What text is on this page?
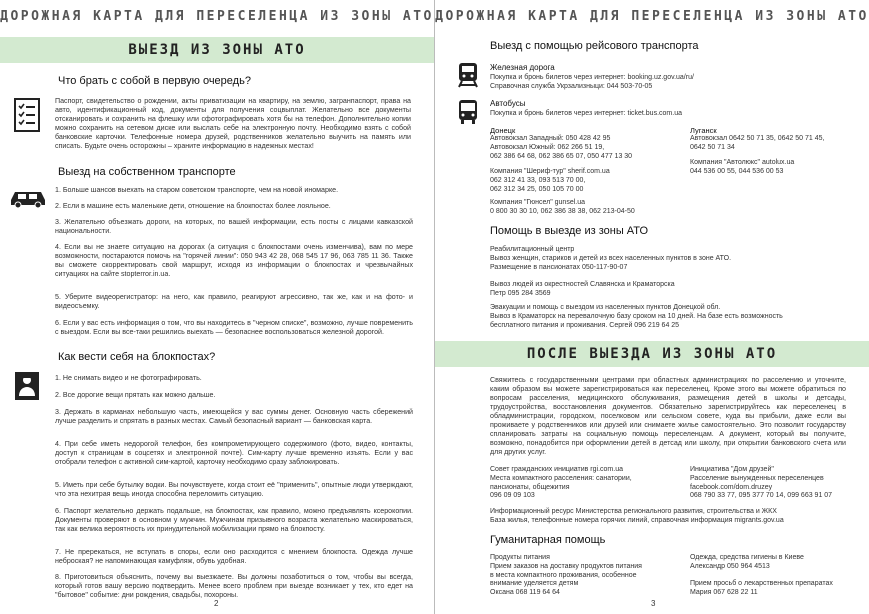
ДОРОЖНАЯ КАРТА ДЛЯ ПЕРЕСЕЛЕНЦА ИЗ ЗОНЫ АТО
ВЫЕЗД ИЗ ЗОНЫ АТО
Что брать с собой в первую очередь?
Паспорт, свидетельство о рождении, акты приватизации на квартиру, на землю, загранпаспорт, права на авто, идентификационный код, документы для получения соцвыплат. Желательно все документы отсканировать и сохранить на флешку или сфотографировать хотя бы на телефон. Дополнительно копии можно сохранить на сетевом диске или выслать себе на электронную почту. Необходимо взять с собой банковские карточки. Телефонные номера друзей, родственников желательно выучить на память или списать. Будьте очень осторожны – храните информацию в надежных местах!
Выезд на собственном транспорте
1. Больше шансов выехать на старом советском транспорте, чем на новой иномарке.
2. Если в машине есть маленькие дети, отношение на блокпостах более лояльное.
3. Желательно объезжать дороги, на которых, по вашей информации, есть посты с лицами кавказской национальности.
4. Если вы не знаете ситуацию на дорогах (а ситуация с блокпостами очень изменчива), вам по мере возможности, постараются помочь на "горячей линии": 050 943 42 28, 068 545 17 96, 063 785 11 36. Также вы сможете скорректировать свой маршрут, исходя из информации о блокпостах и чрезвычайных ситуациях на сайте stopterror.in.ua.
5. Уберите видеорегистратор: на него, как правило, реагируют агрессивно, так же, как и на фото- и видеосъемку.
6. Если у вас есть информация о том, что вы находитесь в "черном списке", возможно, лучше повременить с выездом. Если вы все-таки решились выехать — безопаснее воспользоваться железной дорогой.
Как вести себя на блокпостах?
1. Не снимать видео и не фотографировать.
2. Все дорогие вещи прятать как можно дальше.
3. Держать в карманах небольшую часть, имеющейся у вас суммы денег. Основную часть сбережений лучше разделить и спрятать в разных местах. Самый безопасный вариант — банковская карта.
4. При себе иметь недорогой телефон, без компрометирующего содержимого (фото, видео, контакты, доступ к страницам в соцсетях и электронной почте). Сим-карту лучше временно изъять. Если у вас отобрали телефон с активной сим-картой, карточку необходимо сразу заблокировать.
5. Иметь при себе бутылку водки. Вы почувствуете, когда стоит её "применить", опытные люди утверждают, что эта нехитрая вещь иногда способна переломить ситуацию.
6. Паспорт желательно держать подальше, на блокпостах, как правило, можно предъявлять ксерокопии. Документы проверяют в основном у мужчин. Мужчинам призывного возраста желательно маскироваться, так как велика вероятность их принудительной мобилизации прямо на блокпосту.
7. Не пререкаться, не вступать в споры, если оно расходится с мнением блокпоста. Одежда лучше неброская? не напоминающая камуфляж, обувь удобная.
8. Приготовиться объяснить, почему вы выезжаете. Вы должны позаботиться о том, чтобы вы всегда, который готов вашу версию подтвердить. Менее всего проблем при выезде возникает у тех, кто едет на "бытовое" событие: дни рождения, свадьбы, похороны.
2
ДОРОЖНАЯ КАРТА ДЛЯ ПЕРЕСЕЛЕНЦА ИЗ ЗОНЫ АТО
Выезд с помощью рейсового транспорта
Железная дорога
Покупка и бронь билетов через интернет: booking.uz.gov.ua/ru/
Справочная служба Укрзализныци: 044 503-70-05
Автобусы
Покупка и бронь билетов через интернет: ticket.bus.com.ua
Донецк
Автовокзал Западный: 050 428 42 95
Автовокзал Южный: 062 266 51 19,
062 386 64 68, 062 386 65 07, 050 477 13 30
Луганск
Автовокзал 0642 50 71 35, 0642 50 71 45,
0642 50 71 34
Компания "Шериф-тур" sherif.com.ua
062 312 41 33, 093 513 70 00,
062 312 34 25, 050 105 70 00
Компания "Автолюкс" autolux.ua
044 536 00 55, 044 536 00 53
Компания "Гюнсел" gunsel.ua
0 800 30 30 10, 062 386 38 38, 062 213-04-50
Помощь в выезде из зоны АТО
Реабилитационный центр
Вывоз женщин, стариков и детей из всех населенных пунктов в зоне АТО.
Размещение в пансионатах 050-117-90-07
Вывоз людей из окрестностей Славянска и Краматорска
Петр 095 284 3569
Эвакуации и помощь с выездом из населенных пунктов Донецкой обл.
Вывоз в Краматорск на перевалочную базу сроком на 10 дней. На базе есть возможность
бесплатного питания и проживания. Сергей 096 219 64 25
ПОСЛЕ ВЫЕЗДА ИЗ ЗОНЫ АТО
Свяжитесь с государственными центрами при областных администрациях по расселению и уточните, каким образом вы можете зарегистрироваться как переселенец. Кроме этого вы можете обратиться по вопросам расселения, медицинского обслуживания, размещения детей в школы и детсады, трудоустройства, восстановления документов. Обязательно зарегистрируйтесь как переселенец в обладминистрации, городском, поселковом или сельском совете, куда вы прибыли, даже если вы проживаете у родственников или друзей или снимаете жилье самостоятельно. Это позволит государству спланировать затраты на социальную помощь переселенцам. А документ, который вы получите, возможно, понадобится при оформлении детей в детсад или школу, при открытии банковского счета или для других услуг.
Совет гражданских инициатив rgi.com.ua
Места компактного расселения: санатории,
пансионаты, общежития
096 09 09 103
Инициатива "Дом друзей"
Расселение вынужденных переселенцев
facebook.com/dom.druzey
068 790 33 77, 095 377 70 14, 099 663 91 07
Информационный ресурс Министерства регионального развития, строительства и ЖКХ
База жилья, телефонные номера горячих линий, справочная информация migrants.gov.ua
Гуманитарная помощь
Продукты питания
Прием заказов на доставку продуктов питания
в места компактного проживания, особенное
внимание уделяется детям
Оксана 068 119 64 64
Одежда, средства гигиены в Киеве
Александр 050 964 4513
Прием просьб о лекарственных препаратах
Мария 067 628 22 11
3
